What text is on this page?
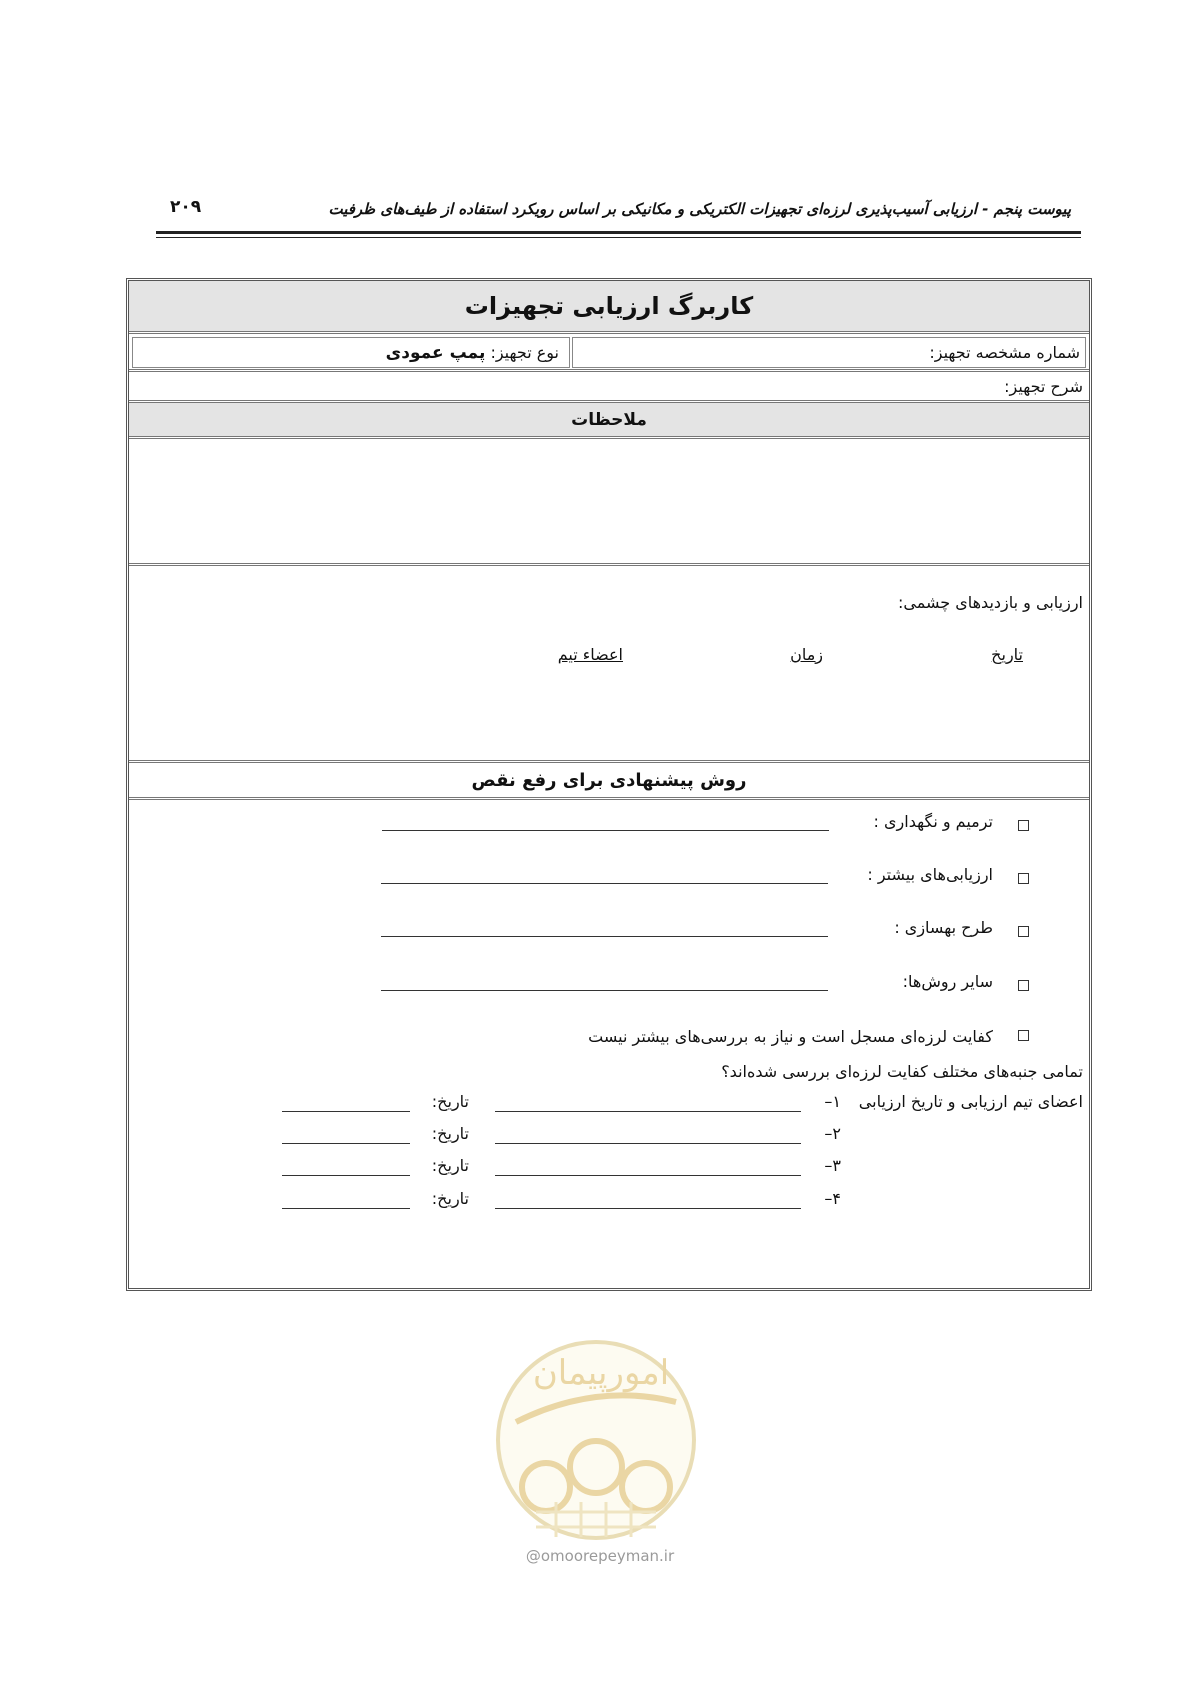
پیوست پنجم - ارزیابی آسیب‌پذیری لرزه‌ای تجهیزات الکتریکی و مکانیکی بر اساس رویکرد استفاده از طیف‌های ظرفیت
۲۰۹
کاربرگ ارزیابی تجهیزات
شماره مشخصه تجهیز:
نوع تجهیز: پمپ عمودی
شرح تجهیز:
ملاحظات
ارزیابی و بازدیدهای چشمی:
تاریخ
زمان
اعضاء تیم
روش پیشنهادی برای رفع نقص
ترمیم و نگهداری :
ارزیابی‌های بیشتر :
طرح بهسازی :
سایر روش‌ها:
کفایت لرزه‌ای مسجل است و نیاز به بررسی‌های بیشتر نیست
تمامی جنبه‌های مختلف کفایت لرزه‌ای بررسی شده‌اند؟
اعضای تیم ارزیابی و تاریخ ارزیابی
۱–
تاریخ:
۲–
تاریخ:
۳–
تاریخ:
۴–
تاریخ:
امورپیمان
@omoorepeyman.ir
